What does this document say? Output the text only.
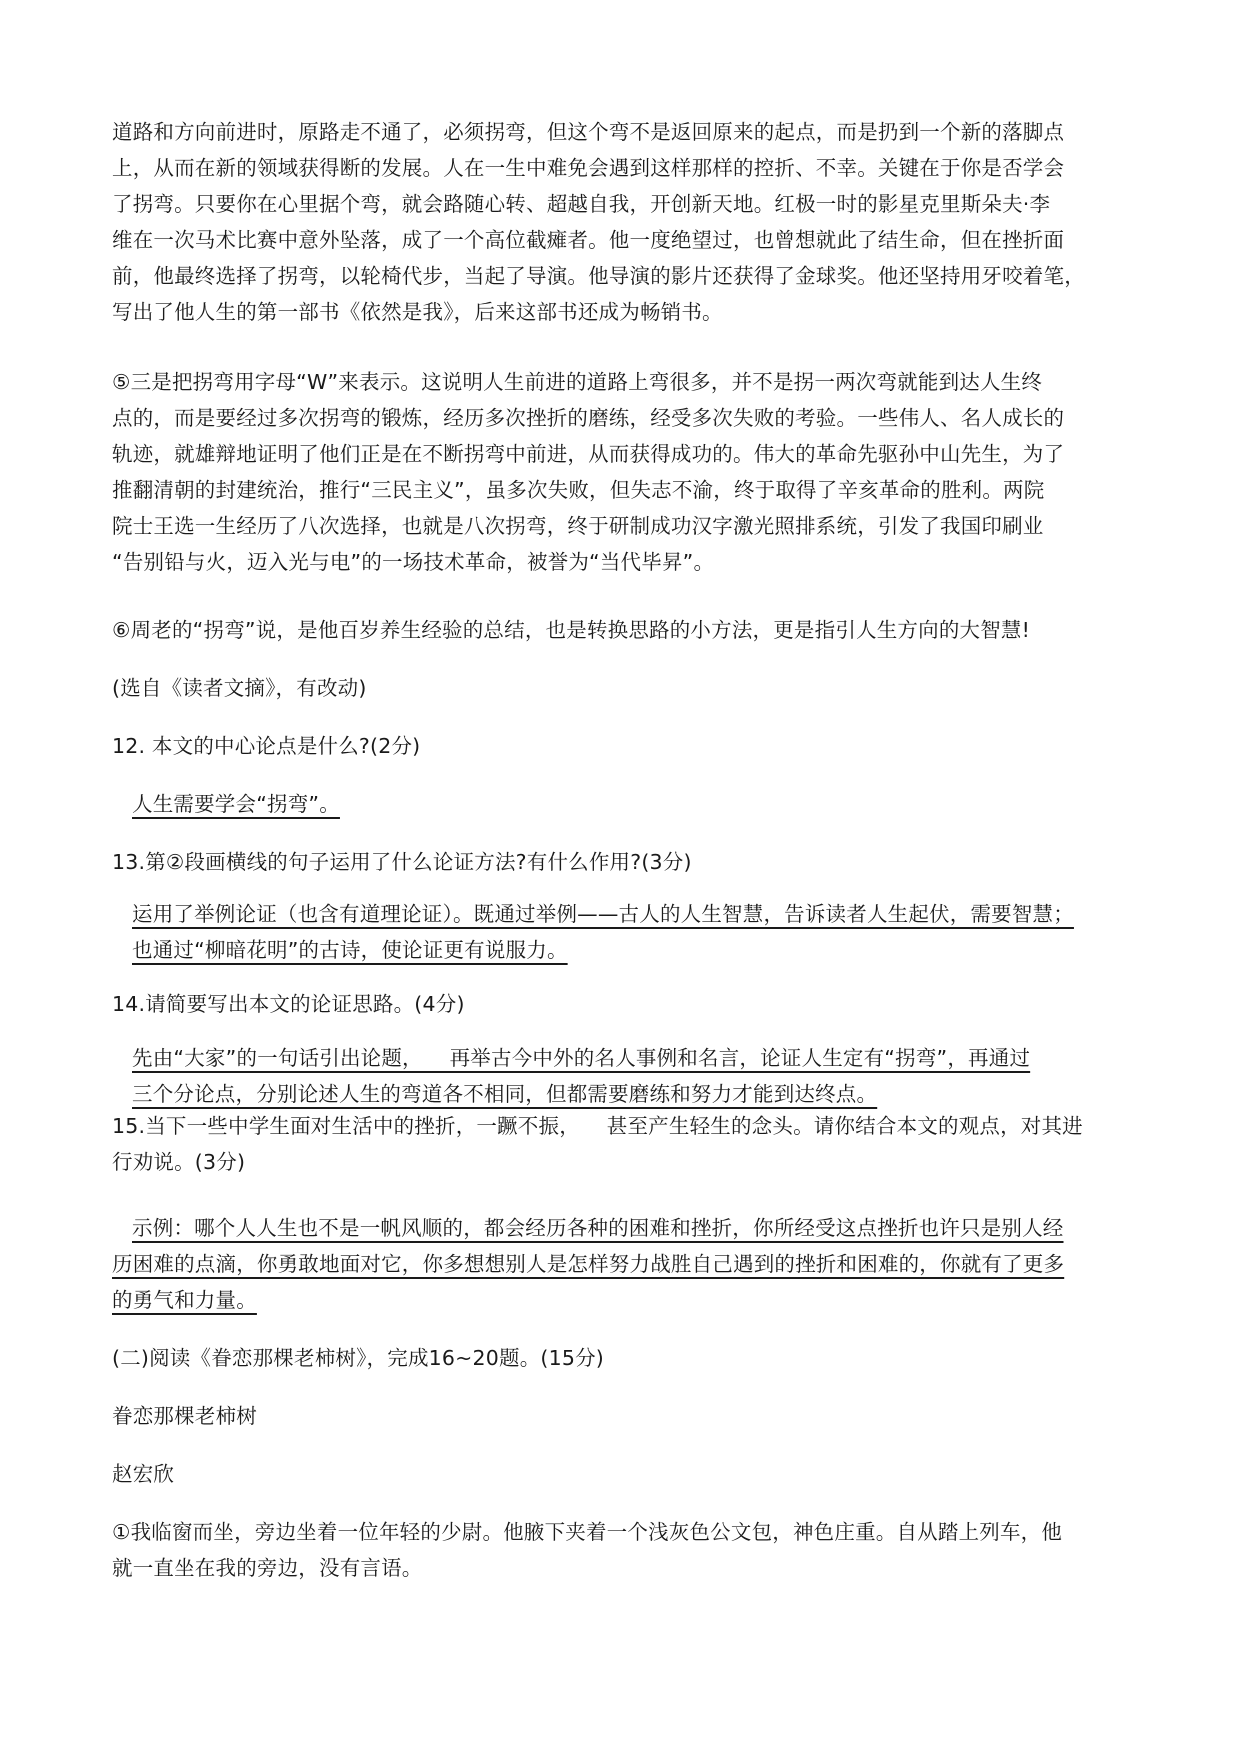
道路和方向前进时，原路走不通了，必须拐弯，但这个弯不是返回原来的起点，而是扔到一个新的落脚点
上，从而在新的领域获得断的发展。人在一生中难免会遇到这样那样的控折、不幸。关键在于你是否学会
了拐弯。只要你在心里据个弯，就会路随心转、超越自我，开创新天地。红极一时的影星克里斯朵夫·李
维在一次马术比赛中意外坠落，成了一个高位截瘫者。他一度绝望过，也曾想就此了结生命，但在挫折面
前，他最终选择了拐弯，以轮椅代步，当起了导演。他导演的影片还获得了金球奖。他还坚持用牙咬着笔，
写出了他人生的第一部书《依然是我》，后来这部书还成为畅销书。
⑤三是把拐弯用字母“W”来表示。这说明人生前进的道路上弯很多，并不是拐一两次弯就能到达人生终
点的，而是要经过多次拐弯的锻炼，经历多次挫折的磨练，经受多次失败的考验。一些伟人、名人成长的
轨迹，就雄辩地证明了他们正是在不断拐弯中前进，从而获得成功的。伟大的革命先驱孙中山先生，为了
推翻清朝的封建统治，推行“三民主义”，虽多次失败，但失志不渝，终于取得了辛亥革命的胜利。两院
院士王选一生经历了八次选择，也就是八次拐弯，终于研制成功汉字激光照排系统，引发了我国印刷业
“告别铅与火，迈入光与电”的一场技术革命，被誉为“当代毕昇”。
⑥周老的“拐弯”说，是他百岁养生经验的总结，也是转换思路的小方法，更是指引人生方向的大智慧!
(选自《读者文摘》，有改动)
12. 本文的中心论点是什么?(2分)
人生需要学会“拐弯”。
13.第②段画横线的句子运用了什么论证方法?有什么作用?(3分)
运用了举例论证（也含有道理论证）。既通过举例——古人的人生智慧，告诉读者人生起伏，需要智慧；
也通过“柳暗花明”的古诗，使论证更有说服力。
14.请简要写出本文的论证思路。(4分)
先由“大家”的一句话引出论题，    再举古今中外的名人事例和名言，论证人生定有“拐弯”，再通过
三个分论点，分别论述人生的弯道各不相同，但都需要磨练和努力才能到达终点。
15.当下一些中学生面对生活中的挫折，一蹶不振，    甚至产生轻生的念头。请你结合本文的观点，对其进
行劝说。(3分)
示例：哪个人人生也不是一帆风顺的，都会经历各种的困难和挫折，你所经受这点挫折也许只是别人经
历困难的点滴，你勇敢地面对它，你多想想别人是怎样努力战胜自己遇到的挫折和困难的，你就有了更多
的勇气和力量。
(二)阅读《眷恋那棵老柿树》，完成16~20题。(15分)
眷恋那棵老柿树
赵宏欣
①我临窗而坐，旁边坐着一位年轻的少尉。他腋下夹着一个浅灰色公文包，神色庄重。自从踏上列车，他
就一直坐在我的旁边，没有言语。
